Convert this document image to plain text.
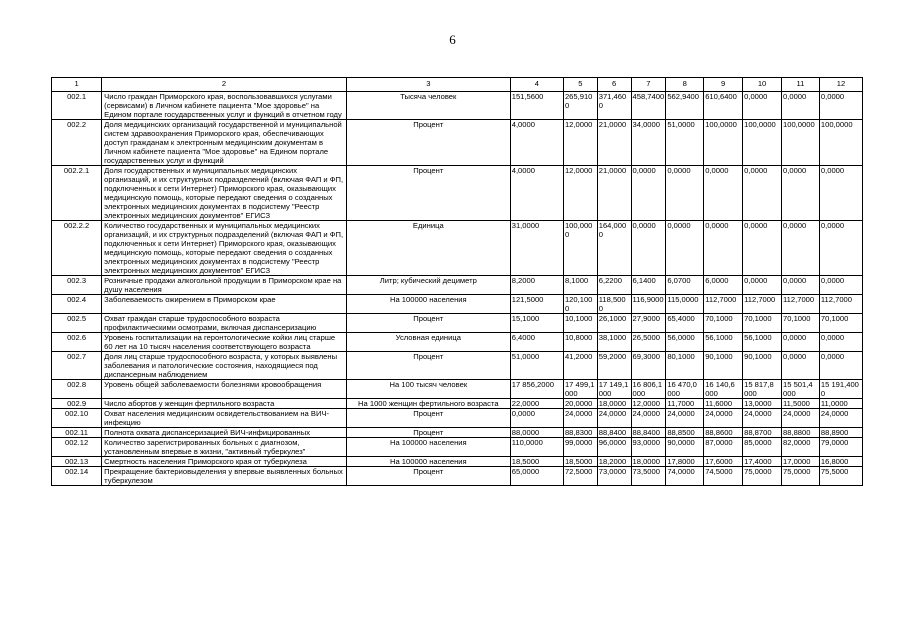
6
1	2	3	4	5	6	7	8	9	10	11	12
002.1	Число граждан Приморского края, воспользовавшихся услугами (сервисами) в Личном кабинете пациента "Мое здоровье" на Едином портале государственных услуг и функций в отчетном году	Тысяча человек	151,5600	265,9100	371,4600	458,7400	562,9400	610,6400	0,0000	0,0000	0,0000
002.2	Доля медицинских организаций государственной и муниципальной систем здравоохранения Приморского края, обеспечивающих доступ гражданам к электронным медицинским документам в Личном кабинете пациента "Мое здоровье" на Едином портале государственных услуг и функций	Процент	4,0000	12,0000	21,0000	34,0000	51,0000	100,0000	100,0000	100,0000	100,0000
002.2.1	Доля государственных и муниципальных медицинских организаций, и их структурных подразделений (включая ФАП и ФП, подключенных к сети Интернет) Приморского края, оказывающих медицинскую помощь, которые передают сведения о созданных электронных медицинских документах в подсистему "Реестр электронных медицинских документов" ЕГИСЗ	Процент	4,0000	12,0000	21,0000	0,0000	0,0000	0,0000	0,0000	0,0000	0,0000
002.2.2	Количество государственных и муниципальных медицинских организаций, и их структурных подразделений (включая ФАП и ФП, подключенных к сети Интернет) Приморского края, оказывающих медицинскую помощь, которые передают сведения о созданных электронных медицинских документах в подсистему "Реестр электронных медицинских документов" ЕГИСЗ	Единица	31,0000	100,0000	164,0000	0,0000	0,0000	0,0000	0,0000	0,0000	0,0000
002.3	Розничные продажи алкогольной продукции в Приморском крае на душу населения	Литр; кубический дециметр	8,2000	8,1000	6,2200	6,1400	6,0700	6,0000	0,0000	0,0000	0,0000
002.4	Заболеваемость ожирением в Приморском крае	На 100000 населения	121,5000	120,1000	118,5000	116,9000	115,0000	112,7000	112,7000	112,7000	112,7000
002.5	Охват граждан старше трудоспособного возраста профилактическими осмотрами, включая диспансеризацию	Процент	15,1000	10,1000	26,1000	27,9000	65,4000	70,1000	70,1000	70,1000	70,1000
002.6	Уровень госпитализации на геронтологические койки лиц старше 60 лет на 10 тысяч населения соответствующего возраста	Условная единица	6,4000	10,8000	38,1000	26,5000	56,0000	56,1000	56,1000	0,0000	0,0000
002.7	Доля лиц старше трудоспособного возраста, у которых выявлены заболевания и патологические состояния, находящиеся под диспансерным наблюдением	Процент	51,0000	41,2000	59,2000	69,3000	80,1000	90,1000	90,1000	0,0000	0,0000
002.8	Уровень общей заболеваемости болезнями кровообращения	На 100 тысяч человек	17 856,2000	17 499,1 000	17 149,1 000	16 806,1 000	16 470,0 000	16 140,6 000	15 817,8 000	15 501,4 000	15 191,400 0
002.9	Число абортов у женщин фертильного возраста	На 1000 женщин фертильного возраста	22,0000	20,0000	18,0000	12,0000	11,7000	11,6000	13,0000	11,5000	11,0000
002.10	Охват населения медицинским освидетельствованием на ВИЧ-инфекцию	Процент	0,0000	24,0000	24,0000	24,0000	24,0000	24,0000	24,0000	24,0000	24,0000
002.11	Полнота охвата диспансеризацией ВИЧ-инфицированных	Процент	88,0000	88,8300	88,8400	88,8400	88,8500	88,8600	88,8700	88,8800	88,8900
002.12	Количество зарегистрированных больных с диагнозом, установленным впервые в жизни, "активный туберкулез"	На 100000 населения	110,0000	99,0000	96,0000	93,0000	90,0000	87,0000	85,0000	82,0000	79,0000
002.13	Смертность населения Приморского края от туберкулеза	На 100000 населения	18,5000	18,5000	18,2000	18,0000	17,8000	17,6000	17,4000	17,0000	16,8000
002.14	Прекращение бактериовыделения у впервые выявленных больных туберкулезом	Процент	65,0000	72,5000	73,0000	73,5000	74,0000	74,5000	75,0000	75,0000	75,5000
